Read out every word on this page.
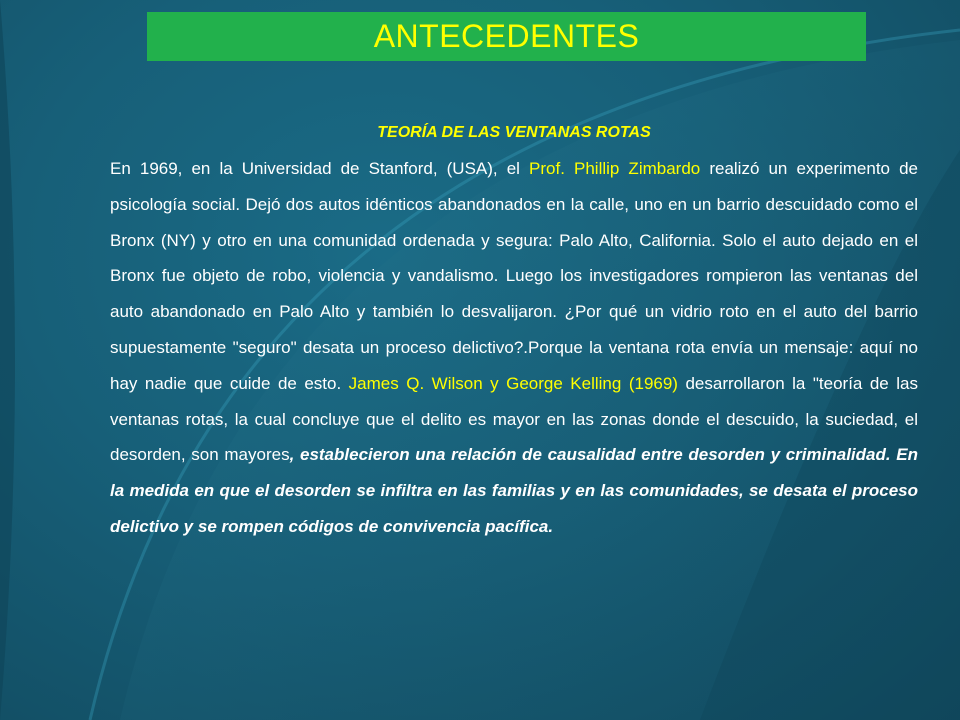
ANTECEDENTES
TEORÍA DE LAS VENTANAS ROTAS
En 1969, en la Universidad de Stanford, (USA), el Prof. Phillip Zimbardo realizó un experimento de psicología social. Dejó dos autos idénticos abandonados en la calle, uno en un barrio descuidado como el Bronx (NY) y otro en una comunidad ordenada y segura: Palo Alto, California. Solo el auto dejado en el Bronx fue objeto de robo, violencia y vandalismo. Luego los investigadores rompieron las ventanas del auto abandonado en Palo Alto y también lo desvalijaron. ¿Por qué un vidrio roto en el auto del barrio supuestamente "seguro" desata un proceso delictivo?.Porque la ventana rota envía un mensaje: aquí no hay nadie que cuide de esto. James Q. Wilson y George Kelling (1969) desarrollaron la "teoría de las ventanas rotas, la cual concluye que el delito es mayor en las zonas donde el descuido, la suciedad, el desorden, son mayores, establecieron una relación de causalidad entre desorden y criminalidad. En la medida en que el desorden se infiltra en las familias y en las comunidades, se desata el proceso delictivo y se rompen códigos de convivencia pacífica.
